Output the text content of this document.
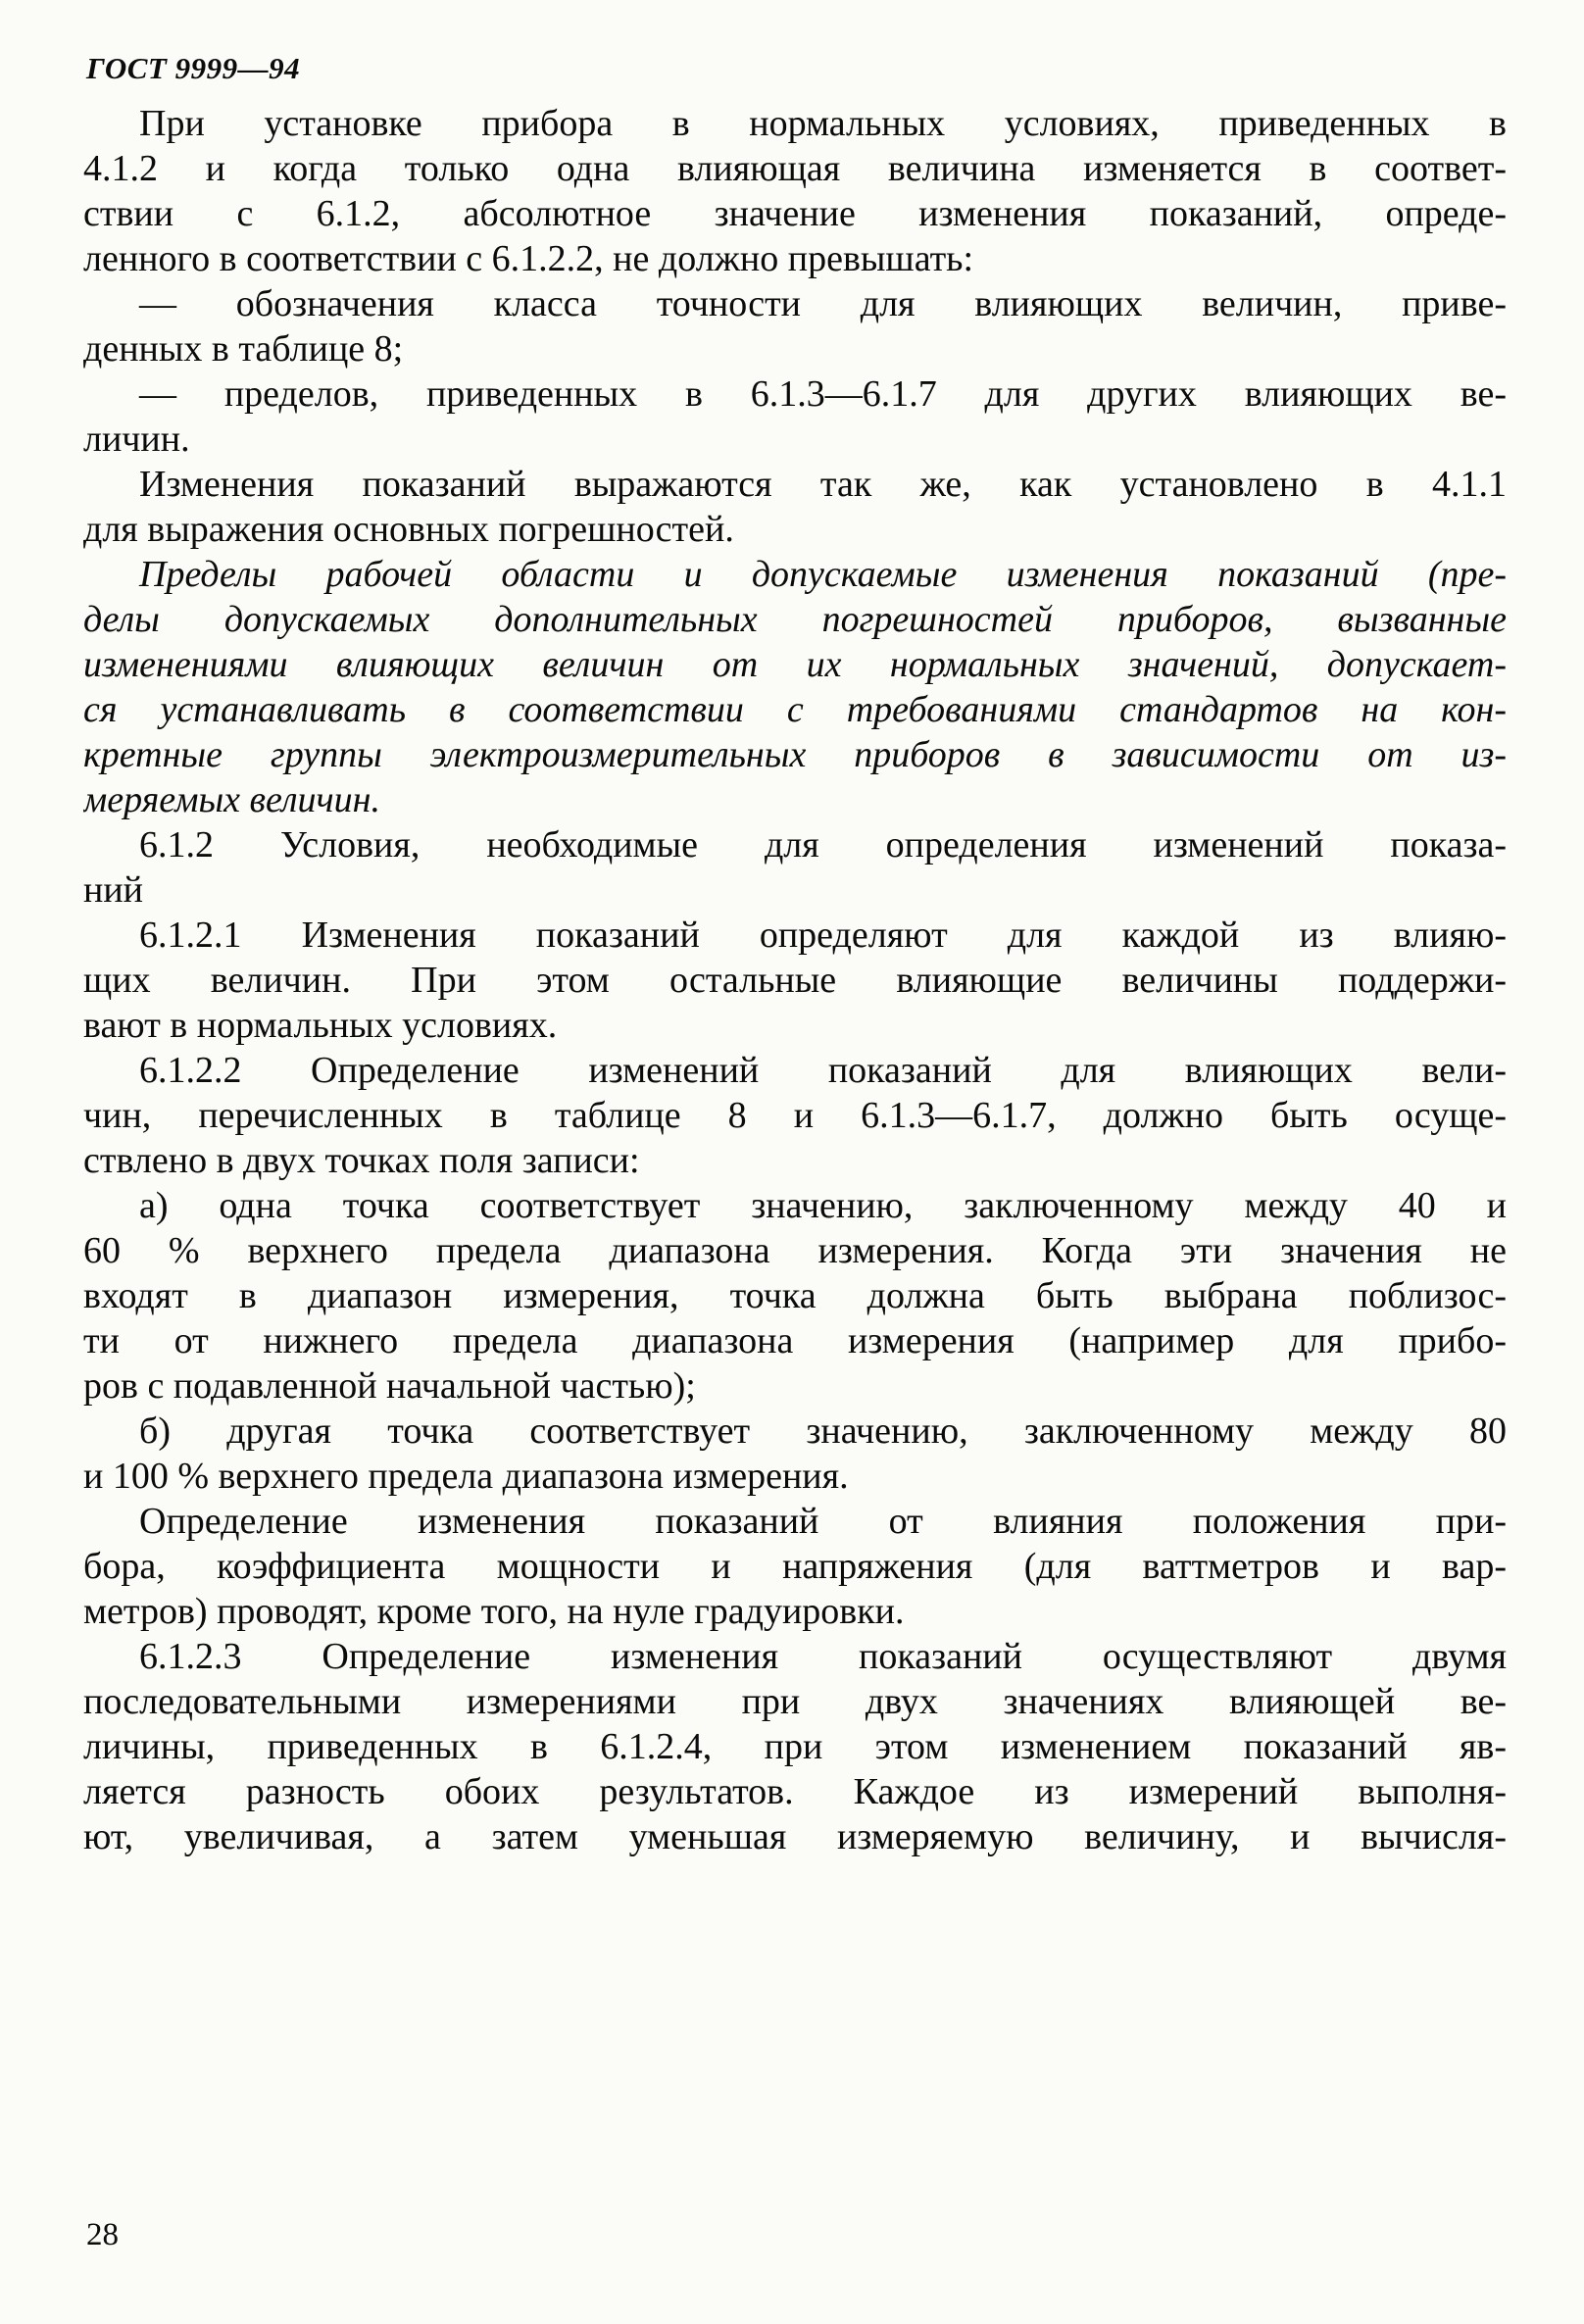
ГОСТ 9999—94
При установке прибора в нормальных условиях, приведенных в
4.1.2 и когда только одна влияющая величина изменяется в соответ-
ствии с 6.1.2, абсолютное значение изменения показаний, опреде-
ленного в соответствии с 6.1.2.2, не должно превышать:
— обозначения класса точности для влияющих величин, приве-
денных в таблице 8;
— пределов, приведенных в 6.1.3—6.1.7 для других влияющих ве-
личин.
Изменения показаний выражаются так же, как установлено в 4.1.1
для выражения основных погрешностей.
Пределы рабочей области и допускаемые изменения показаний (пре-
делы допускаемых дополнительных погрешностей приборов, вызванные
изменениями влияющих величин от их нормальных значений, допускает-
ся устанавливать в соответствии с требованиями стандартов на кон-
кретные группы электроизмерительных приборов в зависимости от из-
меряемых величин.
6.1.2 Условия, необходимые для определения изменений показа-
ний
6.1.2.1 Изменения показаний определяют для каждой из влияю-
щих величин. При этом остальные влияющие величины поддержи-
вают в нормальных условиях.
6.1.2.2 Определение изменений показаний для влияющих вели-
чин, перечисленных в таблице 8 и 6.1.3—6.1.7, должно быть осуще-
ствлено в двух точках поля записи:
а) одна точка соответствует значению, заключенному между 40 и
60 % верхнего предела диапазона измерения. Когда эти значения не
входят в диапазон измерения, точка должна быть выбрана поблизос-
ти от нижнего предела диапазона измерения (например для прибо-
ров с подавленной начальной частью);
б) другая точка соответствует значению, заключенному между 80
и 100 % верхнего предела диапазона измерения.
Определение изменения показаний от влияния положения при-
бора, коэффициента мощности и напряжения (для ваттметров и вар-
метров) проводят, кроме того, на нуле градуировки.
6.1.2.3 Определение изменения показаний осуществляют двумя
последовательными измерениями при двух значениях влияющей ве-
личины, приведенных в 6.1.2.4, при этом изменением показаний яв-
ляется разность обоих результатов. Каждое из измерений выполня-
ют, увеличивая, а затем уменьшая измеряемую величину, и вычисля-
28
